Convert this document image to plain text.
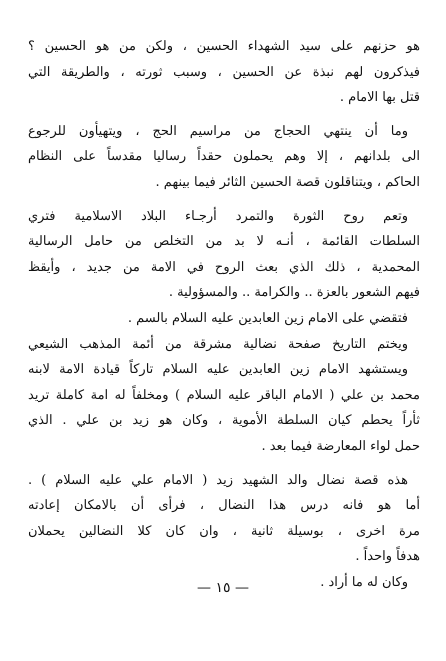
هو حزنهم على سيد الشهداء الحسين ، ولكن من هو الحسين ؟
فيذكرون لهم نبذة عن الحسين ، وسبب ثورته ، والطريقة التي
قتل بها الامام .
وما أن ينتهي الحجاج من مراسيم الحج ، ويتهيأون للرجوع
الى بلدانهم ، إلا وهم يحملون حقداً رساليا مقدساً على النظام
الحاكم ، ويتناقلون قصة الحسين الثائر فيما بينهم .
وتعم روح الثورة والتمرد أرجـاء البلاد الاسلامية فتري
السلطات القائمة ، أنـه لا بد من التخلص من حامل الرسالية
المحمدية ، ذلك الذي بعث الروح في الامة من جديد ، وأيقظ
فيهم الشعور بالعزة .. والكرامة .. والمسؤولية .
فتقضي على الامام زين العابدين عليه السلام بالسم .
ويختم التاريخ صفحة نضالية مشرقة من أئمة المذهب الشيعي
ويستشهد الامام زين العابدين عليه السلام تاركاً قيادة الامة لابنه
محمد بن علي ( الامام الباقر عليه السلام ) ومخلفاً له امة كاملة تريد
ثأراً يحطم كيان السلطة الأموية ، وكان هو زيد بن علي . الذي
حمل لواء المعارضة فيما بعد .
هذه قصة نضال والد الشهيد زيد ( الامام علي عليه السلام ) .
أما هو فانه درس هذا النضال ، فرأى أن بالامكان إعادته
مرة اخرى ، بوسيلة ثانية ، وان كان كلا النضالين يحملان
هدفاً واحداً .
وكان له ما أراد .
— ١٥ —
